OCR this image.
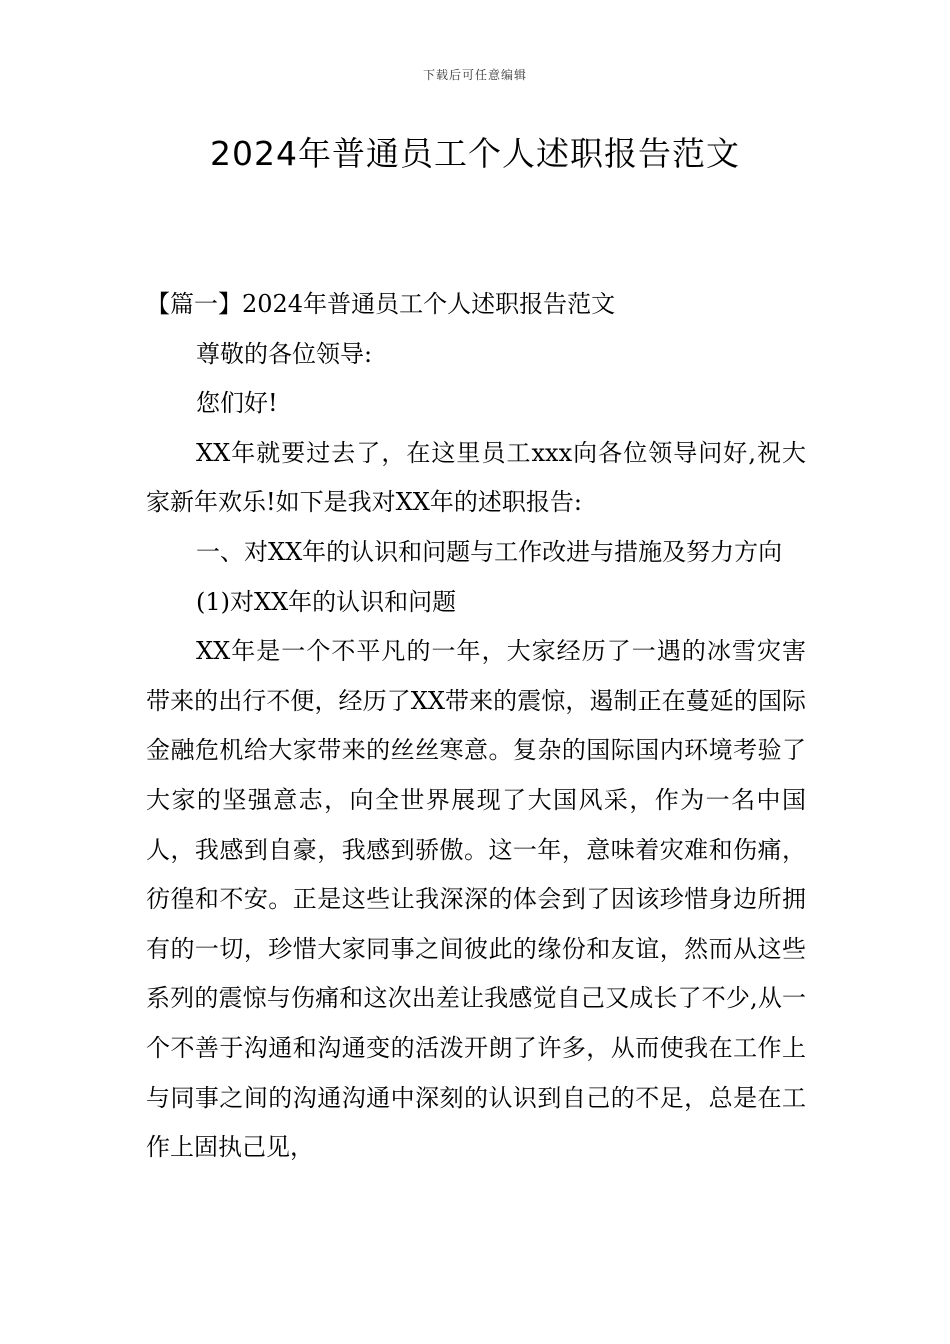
下载后可任意编辑
2024年普通员工个人述职报告范文

【篇一】2024年普通员工个人述职报告范文

尊敬的各位领导:

您们好!

XX年就要过去了，在这里员工xxx向各位领导问好,祝大家新年欢乐!如下是我对XX年的述职报告:

一、对XX年的认识和问题与工作改进与措施及努力方向

(1)对XX年的认识和问题

XX年是一个不平凡的一年，大家经历了一遇的冰雪灾害带来的出行不便，经历了XX带来的震惊，遏制正在蔓延的国际金融危机给大家带来的丝丝寒意。复杂的国际国内环境考验了大家的坚强意志，向全世界展现了大国风采，作为一名中国人，我感到自豪，我感到骄傲。这一年，意味着灾难和伤痛，彷徨和不安。正是这些让我深深的体会到了因该珍惜身边所拥有的一切，珍惜大家同事之间彼此的缘份和友谊，然而从这些系列的震惊与伤痛和这次出差让我感觉自己又成长了不少,从一个不善于沟通和沟通变的活泼开朗了许多，从而使我在工作上与同事之间的沟通沟通中深刻的认识到自己的不足，总是在工作上固执己见，
